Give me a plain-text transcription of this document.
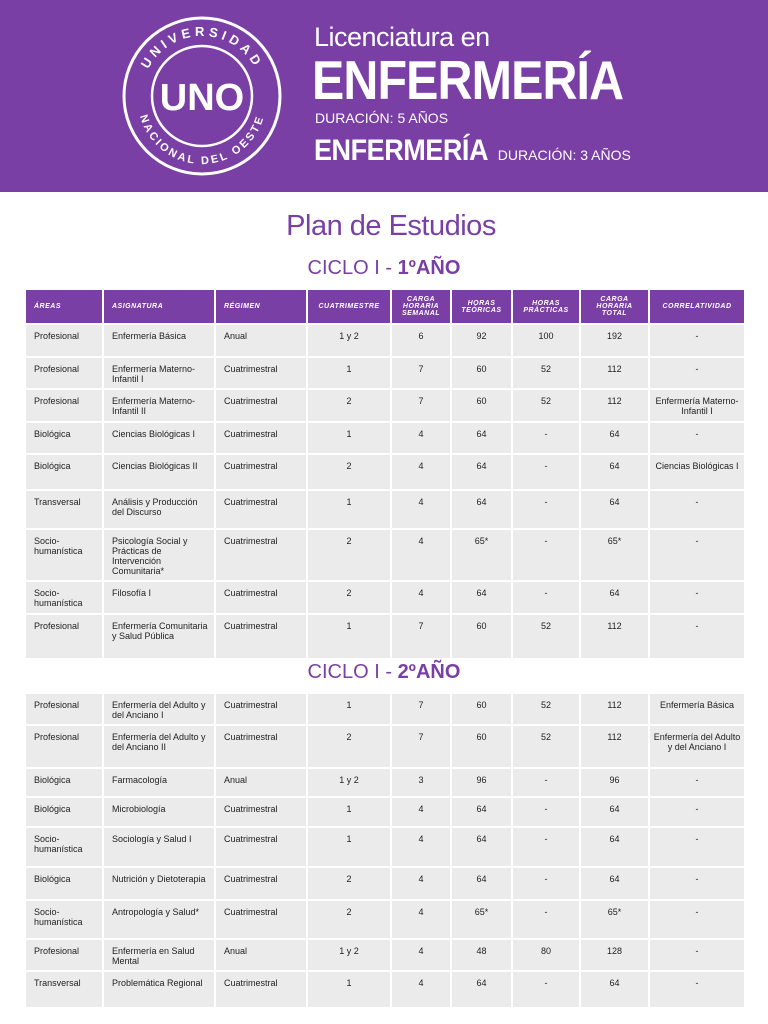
UNIVERSIDAD
NACIONAL DEL OESTE
UNO
Licenciatura en
ENFERMERÍA
DURACIÓN: 5 AÑOS
ENFERMERÍA DURACIÓN: 3 AÑOS
Plan de Estudios
CICLO I - 1ºAÑO
ÁREAS	ASIGNATURA	RÉGIMEN	CUATRIMESTRE	CARGA HORARIA SEMANAL	HORAS TEÓRICAS	HORAS PRÁCTICAS	CARGA HORARIA TOTAL	CORRELATIVIDAD
Profesional	Enfermería Básica	Anual	1 y 2	6	92	100	192	-
Profesional	Enfermería Materno-Infantil I	Cuatrimestral	1	7	60	52	112	-
Profesional	Enfermería Materno-Infantil II	Cuatrimestral	2	7	60	52	112	Enfermería Materno-Infantil I
Biológica	Ciencias Biológicas I	Cuatrimestral	1	4	64	-	64	-
Biológica	Ciencias Biológicas II	Cuatrimestral	2	4	64	-	64	Ciencias Biológicas I
Transversal	Análisis y Producción del Discurso	Cuatrimestral	1	4	64	-	64	-
Socio-humanística	Psicología Social y Prácticas de Intervención Comunitaria*	Cuatrimestral	2	4	65*	-	65*	-
Socio-humanística	Filosofía I	Cuatrimestral	2	4	64	-	64	-
Profesional	Enfermería Comunitaria y Salud Pública	Cuatrimestral	1	7	60	52	112	-
CICLO I - 2ºAÑO
Profesional	Enfermería del Adulto y del Anciano I	Cuatrimestral	1	7	60	52	112	Enfermería Básica
Profesional	Enfermería del Adulto y del Anciano II	Cuatrimestral	2	7	60	52	112	Enfermería del Adulto y del Anciano I
Biológica	Farmacología	Anual	1 y 2	3	96	-	96	-
Biológica	Microbiología	Cuatrimestral	1	4	64	-	64	-
Socio-humanística	Sociología y Salud I	Cuatrimestral	1	4	64	-	64	-
Biológica	Nutrición y Dietoterapia	Cuatrimestral	2	4	64	-	64	-
Socio-humanística	Antropología y Salud*	Cuatrimestral	2	4	65*	-	65*	-
Profesional	Enfermería en Salud Mental	Anual	1 y 2	4	48	80	128	-
Transversal	Problemática Regional	Cuatrimestral	1	4	64	-	64	-
